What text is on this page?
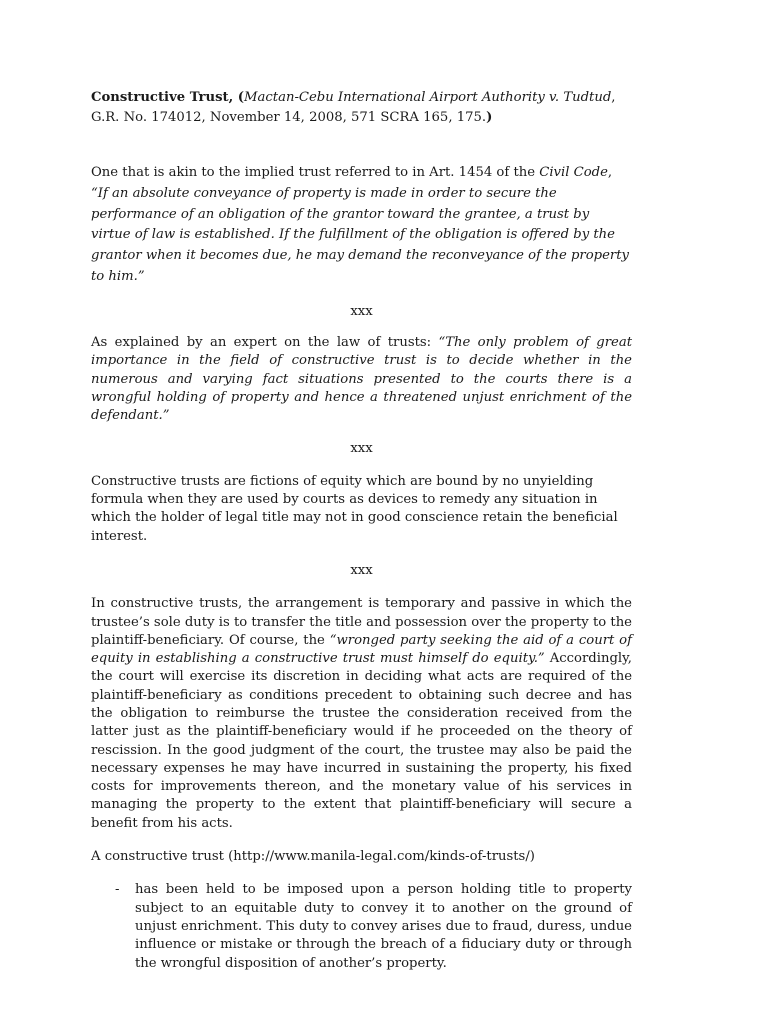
Constructive Trust, (Mactan-Cebu International Airport Authority v. Tudtud, G.R. No. 174012, November 14, 2008, 571 SCRA 165, 175.)

One that is akin to the implied trust referred to in Art. 1454 of the Civil Code, “If an absolute conveyance of property is made in order to secure the performance of an obligation of the grantor toward the grantee, a trust by virtue of law is established. If the fulfillment of the obligation is offered by the grantor when it becomes due, he may demand the reconveyance of the property to him.”

xxx

As explained by an expert on the law of trusts: “The only problem of great importance in the field of constructive trust is to decide whether in the numerous and varying fact situations presented to the courts there is a wrongful holding of property and hence a threatened unjust enrichment of the defendant.”

xxx

Constructive trusts are fictions of equity which are bound by no unyielding formula when they are used by courts as devices to remedy any situation in which the holder of legal title may not in good conscience retain the beneficial interest.

xxx

In constructive trusts, the arrangement is temporary and passive in which the trustee’s sole duty is to transfer the title and possession over the property to the plaintiff-beneficiary. Of course, the “wronged party seeking the aid of a court of equity in establishing a constructive trust must himself do equity.” Accordingly, the court will exercise its discretion in deciding what acts are required of the plaintiff-beneficiary as conditions precedent to obtaining such decree and has the obligation to reimburse the trustee the consideration received from the latter just as the plaintiff-beneficiary would if he proceeded on the theory of rescission. In the good judgment of the court, the trustee may also be paid the necessary expenses he may have incurred in sustaining the property, his fixed costs for improvements thereon, and the monetary value of his services in managing the property to the extent that plaintiff-beneficiary will secure a benefit from his acts.

A constructive trust (http://www.manila-legal.com/kinds-of-trusts/)

-	has been held to be imposed upon a person holding title to property subject to an equitable duty to convey it to another on the ground of unjust enrichment. This duty to convey arises due to fraud, duress, undue influence or mistake or through the breach of a fiduciary duty or through the wrongful disposition of another’s property.
